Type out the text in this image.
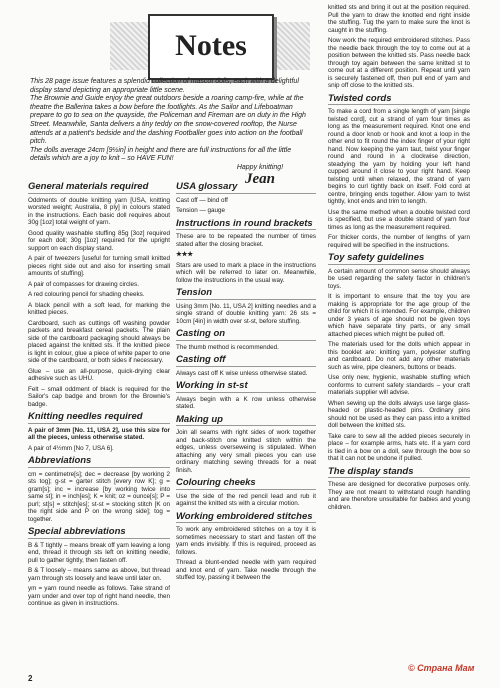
Notes

This 28 page issue features a splendid collection of mascot dolls, each with a delightful display stand depicting an appropriate little scene.

The Brownie and Guide enjoy the great outdoors beside a roaring camp-fire, while at the theatre the Ballerina takes a bow before the footlights. As the Sailor and Lifeboatman prepare to go to sea on the quayside, the Policeman and Fireman are on duty in the High Street. Meanwhile, Santa delivers a tiny teddy on the snow-covered rooftop, the Nurse attends at a patient's bedside and the dashing Footballer goes into action on the football pitch.

The dolls average 24cm [9½in] in height and there are full instructions for all the little details which are a joy to knit – so HAVE FUN!

Happy knitting!
Jean
General materials required

Oddments of double knitting yarn [USA, knitting worsted weight; Australia, 8 ply] in colours stated in the instructions. Each basic doll requires about 30g [1oz] total weight of yarn.

Good quality washable stuffing 85g [3oz] required for each doll; 30g [1oz] required for the upright support on each display stand.

A pair of tweezers [useful for turning small knitted pieces right side out and also for inserting small amounts of stuffing].

A pair of compasses for drawing circles.

A red colouring pencil for shading cheeks.

A black pencil with a soft lead, for marking the knitted pieces.

Cardboard, such as cuttings off washing powder packets and breakfast cereal packets. The plain side of the cardboard packaging should always be placed against the knitted sts. If the knitted piece is light in colour, glue a piece of white paper to one side of the cardboard, or both sides if necessary.

Glue – use an all-purpose, quick-drying clear adhesive such as UHU.

Felt – small oddment of black is required for the Sailor's cap badge and brown for the Brownie's badge.

Knitting needles required

A pair of 3mm [No. 11, USA 2], use this size for all the pieces, unless otherwise stated.

A pair of 4½mm [No 7, USA 6].

Abbreviations

cm = centimetre[s]; dec = decrease [by working 2 sts tog]; g-st = garter stitch [every row K]; g = gram[s]; inc = increase [by working twice into same st]; in = inch[es]; K = knit; oz = ounce[s]; P = purl; st[s] = stitch[es]; st-st = stocking stitch [K on the right side and P on the wrong side]; tog = together.

Special abbreviations

B & T tightly – means break off yarn leaving a long end, thread it through sts left on knitting needle, pull to gather tightly, then fasten off.

B & T loosely – means same as above, but thread yarn through sts loosely and leave until later on.

ym = yarn round needle as follows. Take strand of yarn under and over top of right hand needle, then continue as given in instructions.

USA glossary

Cast off — bind off

Tension — gauge

Instructions in round brackets

These are to be repeated the number of times stated after the closing bracket.

★★★

Stars are used to mark a place in the instructions which will be referred to later on. Meanwhile, follow the instructions in the usual way.

Tension

Using 3mm [No. 11, USA 2] knitting needles and a single strand of double knitting yarn: 26 sts = 10cm [4in] in width over st-st, before stuffing.

Casting on

The thumb method is recommended.

Casting off

Always cast off K wise unless otherwise stated.

Working in st-st

Always begin with a K row unless otherwise stated.

Making up

Join all seams with right sides of work together and back-stitch one knitted stitch within the edges, unless overseweing is stipulated. When attaching any very small pieces you can use ordinary matching sewing threads for a neat finish.

Colouring cheeks

Use the side of the red pencil lead and rub it against the knitted sts with a circular motion.

Working embroidered stitches

To work any embroidered stitches on a toy it is sometimes necessary to start and fasten off the yarn ends invisibly. If this is required, proceed as follows.

Thread a blunt-ended needle with yarn required and knot end of yarn. Take needle through the stuffed toy, passing it between the

knitted sts and bring it out at the position required. Pull the yarn to draw the knotted end right inside the stuffing. Tug the yarn to make sure the knot is caught in the stuffing.

Now work the required embroidered stitches. Pass the needle back through the toy to come out at a position between the knitted sts. Pass needle back through toy again between the same knitted st to come out at a different position. Repeat until yarn is securely fastened off, then pull end of yarn and snip off close to the knitted sts.

Twisted cords

To make a cord from a single length of yarn [single twisted cord], cut a strand of yarn four times as long as the measurement required. Knot one end round a door knob or hook and knot a loop in the other end to fit round the index finger of your right hand. Now keeping the yarn taut, twist your finger round and round in a clockwise direction, steadying the yarn by holding your left hand cupped around it close to your right hand. Keep twisting until when relaxed, the strand of yarn begins to curl tightly back on itself. Fold cord at centre, bringing ends together. Allow yarn to twist tightly, knot ends and trim to length.

Use the same method when a double twisted cord is specified, but use a double strand of yarn four times as long as the measurement required.

For thicker cords, the number of lengths of yarn required will be specified in the instructions.

Toy safety guidelines

A certain amount of common sense should always be used regarding the safety factor in children's toys.

It is important to ensure that the toy you are making is appropriate for the age group of the child for which it is intended. For example, children under 3 years of age should not be given toys which have separate tiny parts, or any small attached pieces which might be pulled off.

The materials used for the dolls which appear in this booklet are: knitting yarn, polyester stuffing and cardboard. Do not add any other materials such as wire, pipe cleaners, buttons or beads.

Use only new, hygienic, washable stuffing which conforms to current safety standards – your craft materials supplier will advise.

When sewing up the dolls always use large glass-headed or plastic-headed pins. Ordinary pins should not be used as they can pass into a knitted doll between the knitted sts.

Take care to sew all the added pieces securely in place – for example arms, hats etc. If a yarn cord is tied in a bow on a doll, sew through the bow so that it can not be undone if pulled.

The display stands

These are designed for decorative purposes only. They are not meant to withstand rough handling and are therefore unsuitable for babies and young children.

2
© Страна Мам
